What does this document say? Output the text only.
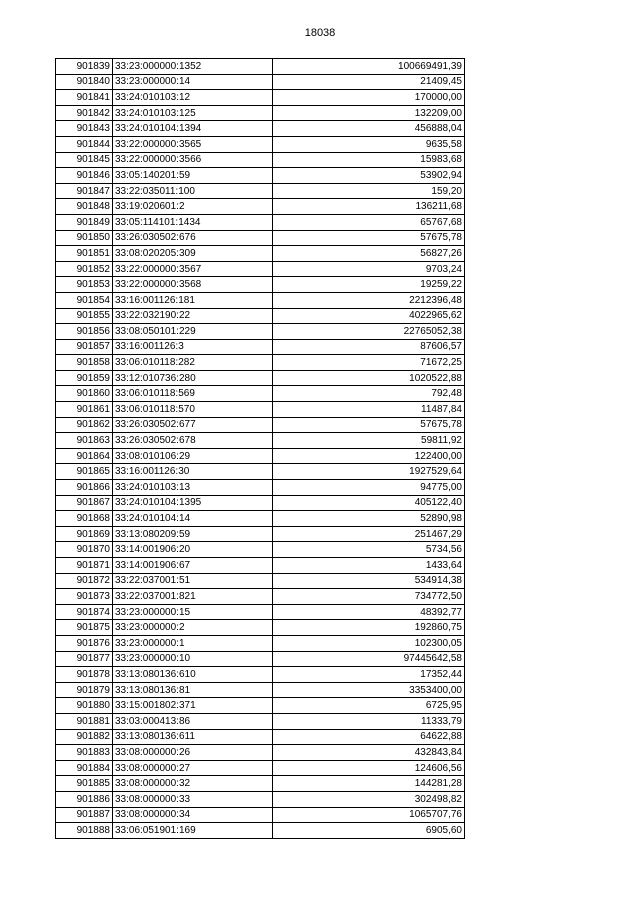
18038
901839	33:23:000000:1352	100669491,39
901840	33:23:000000:14	21409,45
901841	33:24:010103:12	170000,00
901842	33:24:010103:125	132209,00
901843	33:24:010104:1394	456888,04
901844	33:22:000000:3565	9635,58
901845	33:22:000000:3566	15983,68
901846	33:05:140201:59	53902,94
901847	33:22:035011:100	159,20
901848	33:19:020601:2	136211,68
901849	33:05:114101:1434	65767,68
901850	33:26:030502:676	57675,78
901851	33:08:020205:309	56827,26
901852	33:22:000000:3567	9703,24
901853	33:22:000000:3568	19259,22
901854	33:16:001126:181	2212396,48
901855	33:22:032190:22	4022965,62
901856	33:08:050101:229	22765052,38
901857	33:16:001126:3	87606,57
901858	33:06:010118:282	71672,25
901859	33:12:010736:280	1020522,88
901860	33:06:010118:569	792,48
901861	33:06:010118:570	11487,84
901862	33:26:030502:677	57675,78
901863	33:26:030502:678	59811,92
901864	33:08:010106:29	122400,00
901865	33:16:001126:30	1927529,64
901866	33:24:010103:13	94775,00
901867	33:24:010104:1395	405122,40
901868	33:24:010104:14	52890,98
901869	33:13:080209:59	251467,29
901870	33:14:001906:20	5734,56
901871	33:14:001906:67	1433,64
901872	33:22:037001:51	534914,38
901873	33:22:037001:821	734772,50
901874	33:23:000000:15	48392,77
901875	33:23:000000:2	192860,75
901876	33:23:000000:1	102300,05
901877	33:23:000000:10	97445642,58
901878	33:13:080136:610	17352,44
901879	33:13:080136:81	3353400,00
901880	33:15:001802:371	6725,95
901881	33:03:000413:86	11333,79
901882	33:13:080136:611	64622,88
901883	33:08:000000:26	432843,84
901884	33:08:000000:27	124606,56
901885	33:08:000000:32	144281,28
901886	33:08:000000:33	302498,82
901887	33:08:000000:34	1065707,76
901888	33:06:051901:169	6905,60
